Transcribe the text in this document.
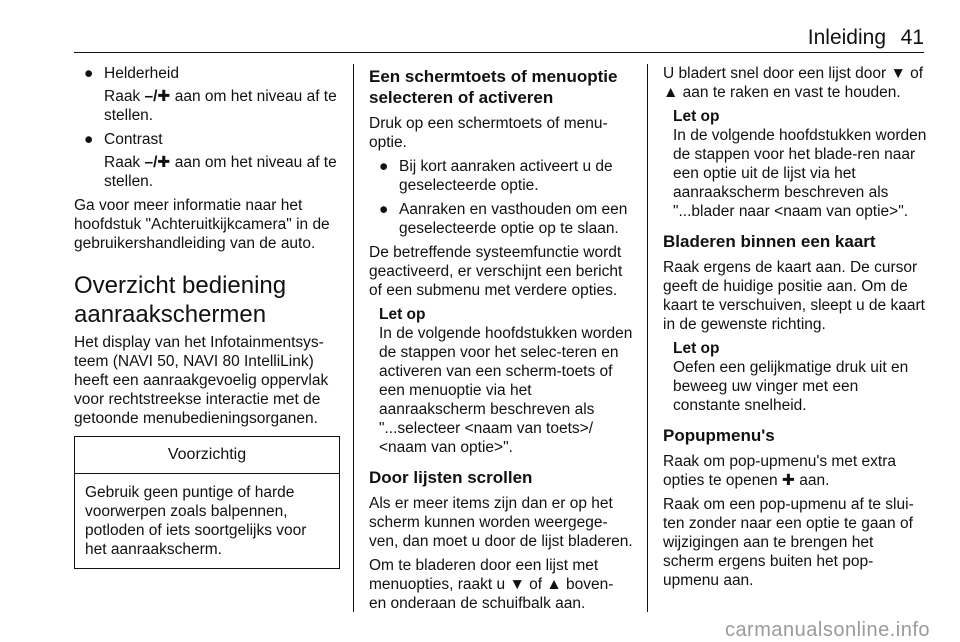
Inleiding 41
● Helderheid
Raak –/✚ aan om het niveau af te stellen.
● Contrast
Raak –/✚ aan om het niveau af te stellen.

Ga voor meer informatie naar het hoofdstuk "Achteruitkijkcamera" in de gebruikershandleiding van de auto.

Overzicht bediening aanraakschermen

Het display van het Infotainmentsys-teem (NAVI 50, NAVI 80 IntelliLink) heeft een aanraakgevoelig oppervlak voor rechtstreekse interactie met de getoonde menubedieningsorganen.

Voorzichtig
Gebruik geen puntige of harde voorwerpen zoals balpennen, potloden of iets soortgelijks voor het aanraakscherm.
Een schermtoets of menuoptie selecteren of activeren

Druk op een schermtoets of menu-optie.

● Bij kort aanraken activeert u de geselecteerde optie.
● Aanraken en vasthouden om een geselecteerde optie op te slaan.

De betreffende systeemfunctie wordt geactiveerd, er verschijnt een bericht of een submenu met verdere opties.

Let op
In de volgende hoofdstukken worden de stappen voor het selec-teren en activeren van een scherm-toets of een menuoptie via het aanraakscherm beschreven als "...selecteer <naam van toets>/ <naam van optie>".
Door lijsten scrollen

Als er meer items zijn dan er op het scherm kunnen worden weergege-ven, dan moet u door de lijst bladeren.

Om te bladeren door een lijst met menuopties, raakt u ▼ of ▲ boven- en onderaan de schuifbalk aan.

U bladert snel door een lijst door ▼ of ▲ aan te raken en vast te houden.

Let op
In de volgende hoofdstukken worden de stappen voor het blade-ren naar een optie uit de lijst via het aanraakscherm beschreven als "...blader naar <naam van optie>".
Bladeren binnen een kaart

Raak ergens de kaart aan. De cursor geeft de huidige positie aan. Om de kaart te verschuiven, sleept u de kaart in de gewenste richting.

Let op
Oefen een gelijkmatige druk uit en beweeg uw vinger met een constante snelheid.
Popupmenu's

Raak om pop-upmenu's met extra opties te openen ✚ aan.

Raak om een pop-upmenu af te slui-ten zonder naar een optie te gaan of wijzigingen aan te brengen het scherm ergens buiten het pop-upmenu aan.

carmanualsonline.info
